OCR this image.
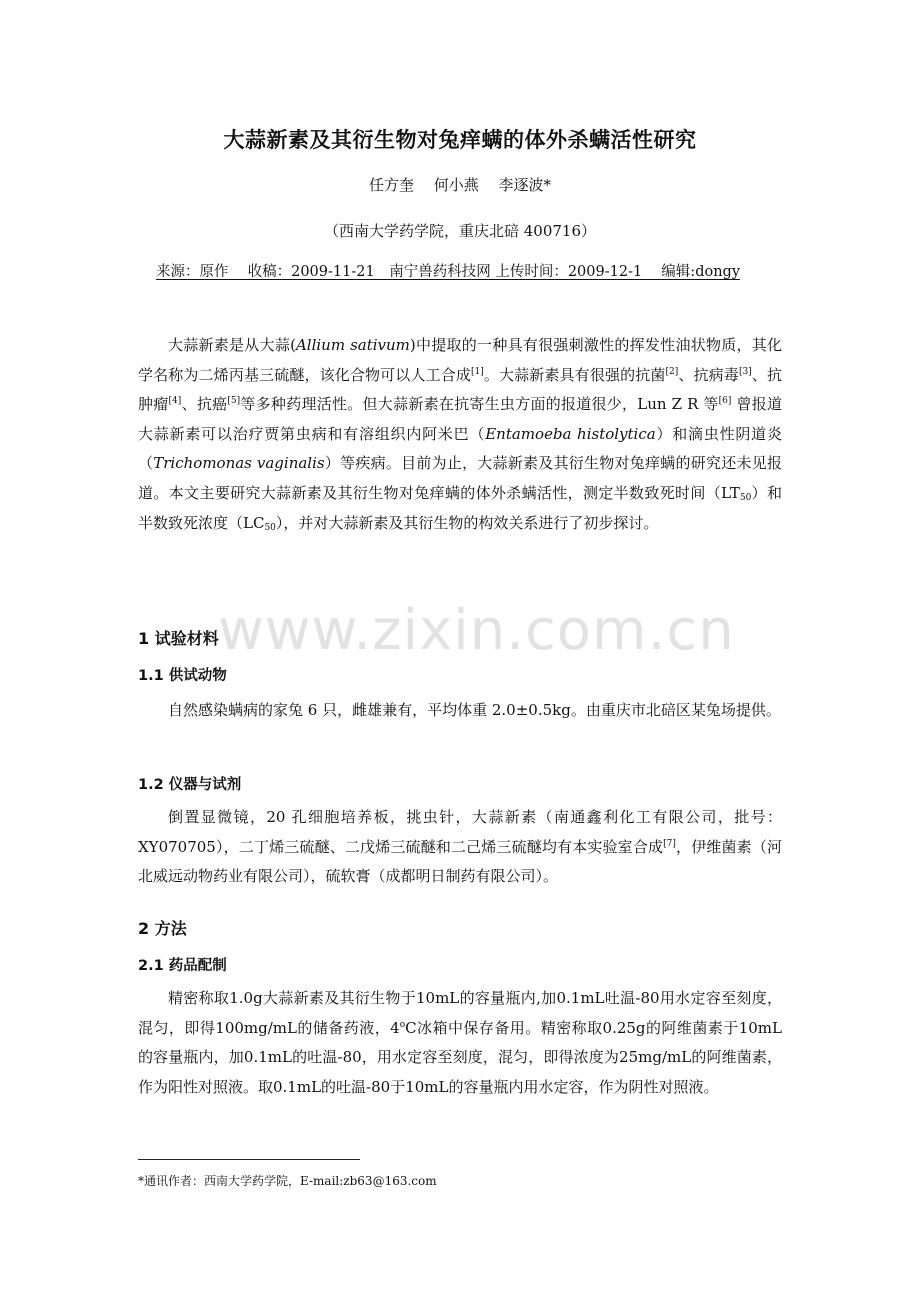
大蒜新素及其衍生物对兔痒螨的体外杀螨活性研究
任方奎　 何小燕　 李逐波*
（西南大学药学院，重庆北碚 400716）
来源：原作　 收稿：2009-11-21　南宁兽药科技网 上传时间：2009-12-1　 编辑:dongy

大蒜新素是从大蒜(Allium sativum)中提取的一种具有很强刺激性的挥发性油状物质，其化学名称为二烯丙基三硫醚，该化合物可以人工合成[1]。大蒜新素具有很强的抗菌[2]、抗病毒[3]、抗肿瘤[4]、抗癌[5]等多种药理活性。但大蒜新素在抗寄生虫方面的报道很少，Lun Z R 等[6] 曾报道大蒜新素可以治疗贾第虫病和有溶组织内阿米巴（Entamoeba histolytica）和滴虫性阴道炎（Trichomonas vaginalis）等疾病。目前为止，大蒜新素及其衍生物对兔痒螨的研究还未见报道。本文主要研究大蒜新素及其衍生物对兔痒螨的体外杀螨活性，测定半数致死时间$(LT_{50})$和半数致死浓度$(LC_{50})$，并对大蒜新素及其衍生物的构效关系进行了初步探讨。

www.zixin.com.cn
1 试验材料
1.1 供试动物

自然感染螨病的家兔 6 只，雌雄兼有，平均体重 2.0±0.5kg。由重庆市北碚区某兔场提供。

1.2 仪器与试剂

倒置显微镜，20 孔细胞培养板，挑虫针，大蒜新素（南通鑫利化工有限公司，批号：XY070705），二丁烯三硫醚、二戊烯三硫醚和二己烯三硫醚均有本实验室合成[7]，伊维菌素（河北威远动物药业有限公司），硫软膏（成都明日制药有限公司）。

2 方法
2.1 药品配制

精密称取1.0g大蒜新素及其衍生物于10mL的容量瓶内,加0.1mL吐温-80用水定容至刻度，混匀，即得100mg/mL的储备药液，4$^o$C冰箱中保存备用。精密称取0.25g的阿维菌素于10mL的容量瓶内，加0.1mL的吐温-80，用水定容至刻度，混匀，即得浓度为25mg/mL的阿维菌素，作为阳性对照液。取0.1mL的吐温-80于10mL的容量瓶内用水定容，作为阴性对照液。

*通讯作者：西南大学药学院，E-mail:zb63@163.com
